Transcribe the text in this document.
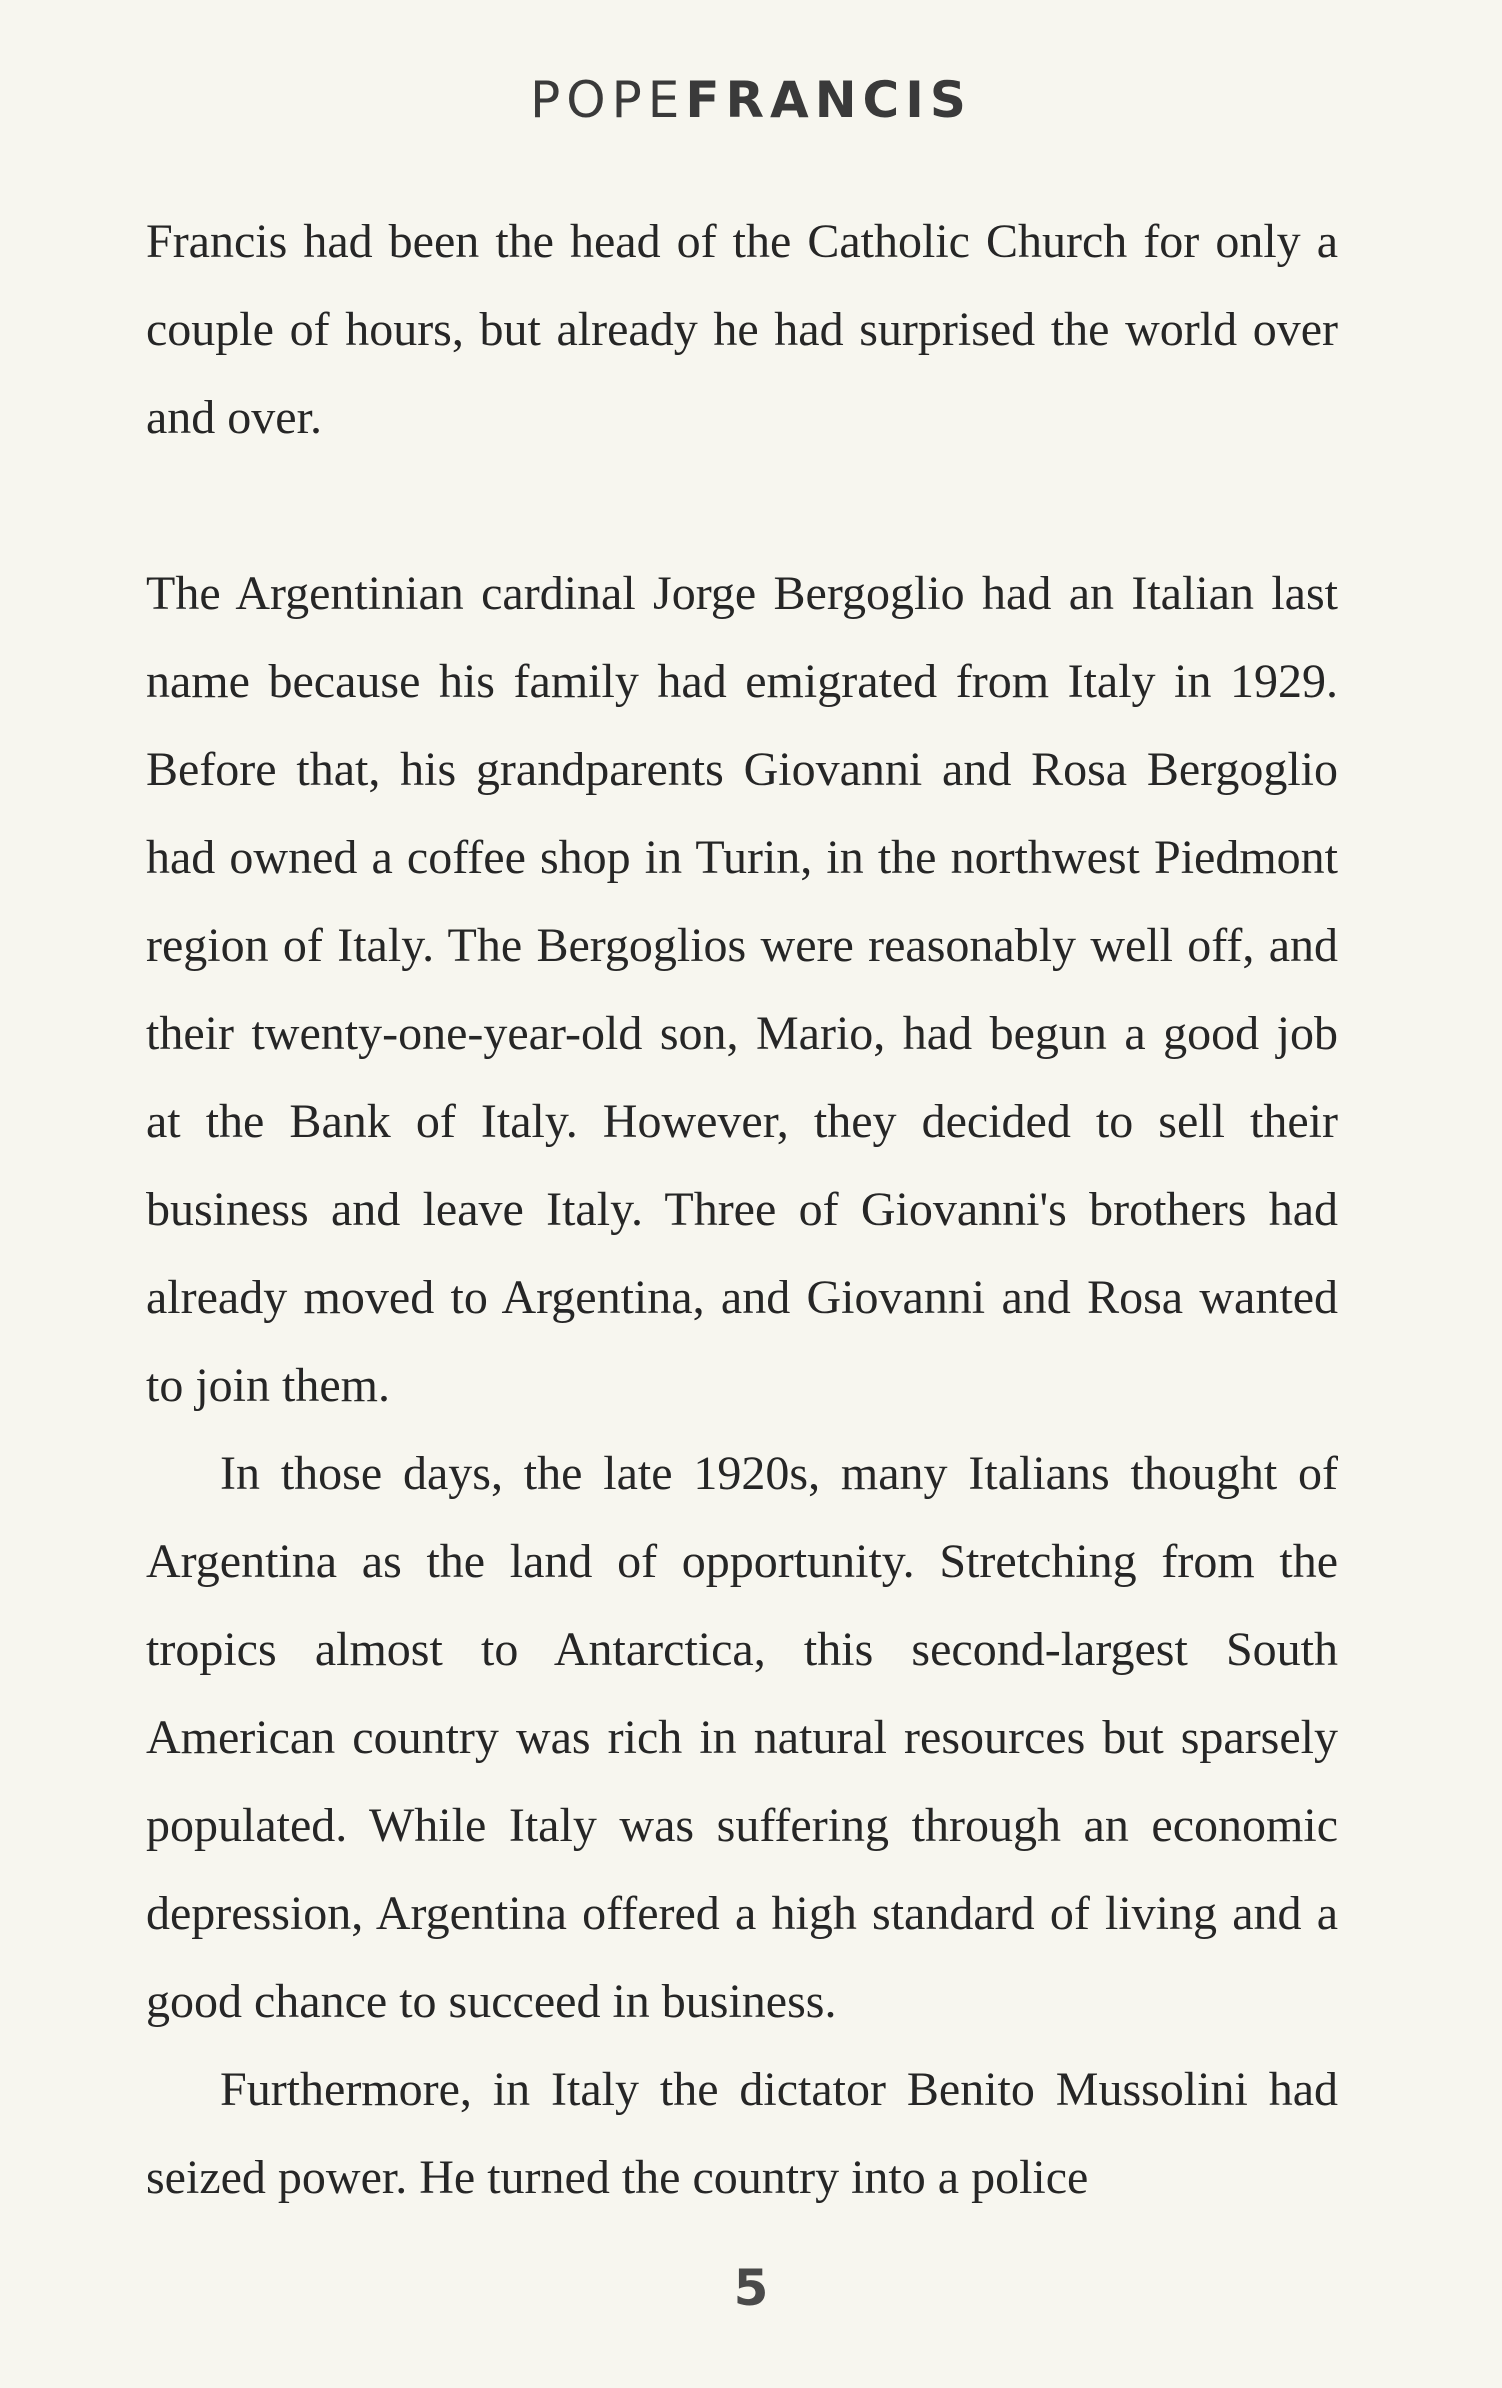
POPEFRANCIS

Francis had been the head of the Catholic Church for only a couple of hours, but already he had surprised the world over and over.

The Argentinian cardinal Jorge Bergoglio had an Italian last name because his family had emigrated from Italy in 1929. Before that, his grandparents Giovanni and Rosa Bergoglio had owned a coffee shop in Turin, in the northwest Piedmont region of Italy. The Bergoglios were reasonably well off, and their twenty-one-year-old son, Mario, had begun a good job at the Bank of Italy. However, they decided to sell their business and leave Italy. Three of Giovanni's brothers had already moved to Argentina, and Giovanni and Rosa wanted to join them.

In those days, the late 1920s, many Italians thought of Argentina as the land of opportunity. Stretching from the tropics almost to Antarctica, this second-largest South American country was rich in natural resources but sparsely populated. While Italy was suffering through an economic depression, Argentina offered a high standard of living and a good chance to succeed in business.

Furthermore, in Italy the dictator Benito Mussolini had seized power. He turned the country into a police

5
